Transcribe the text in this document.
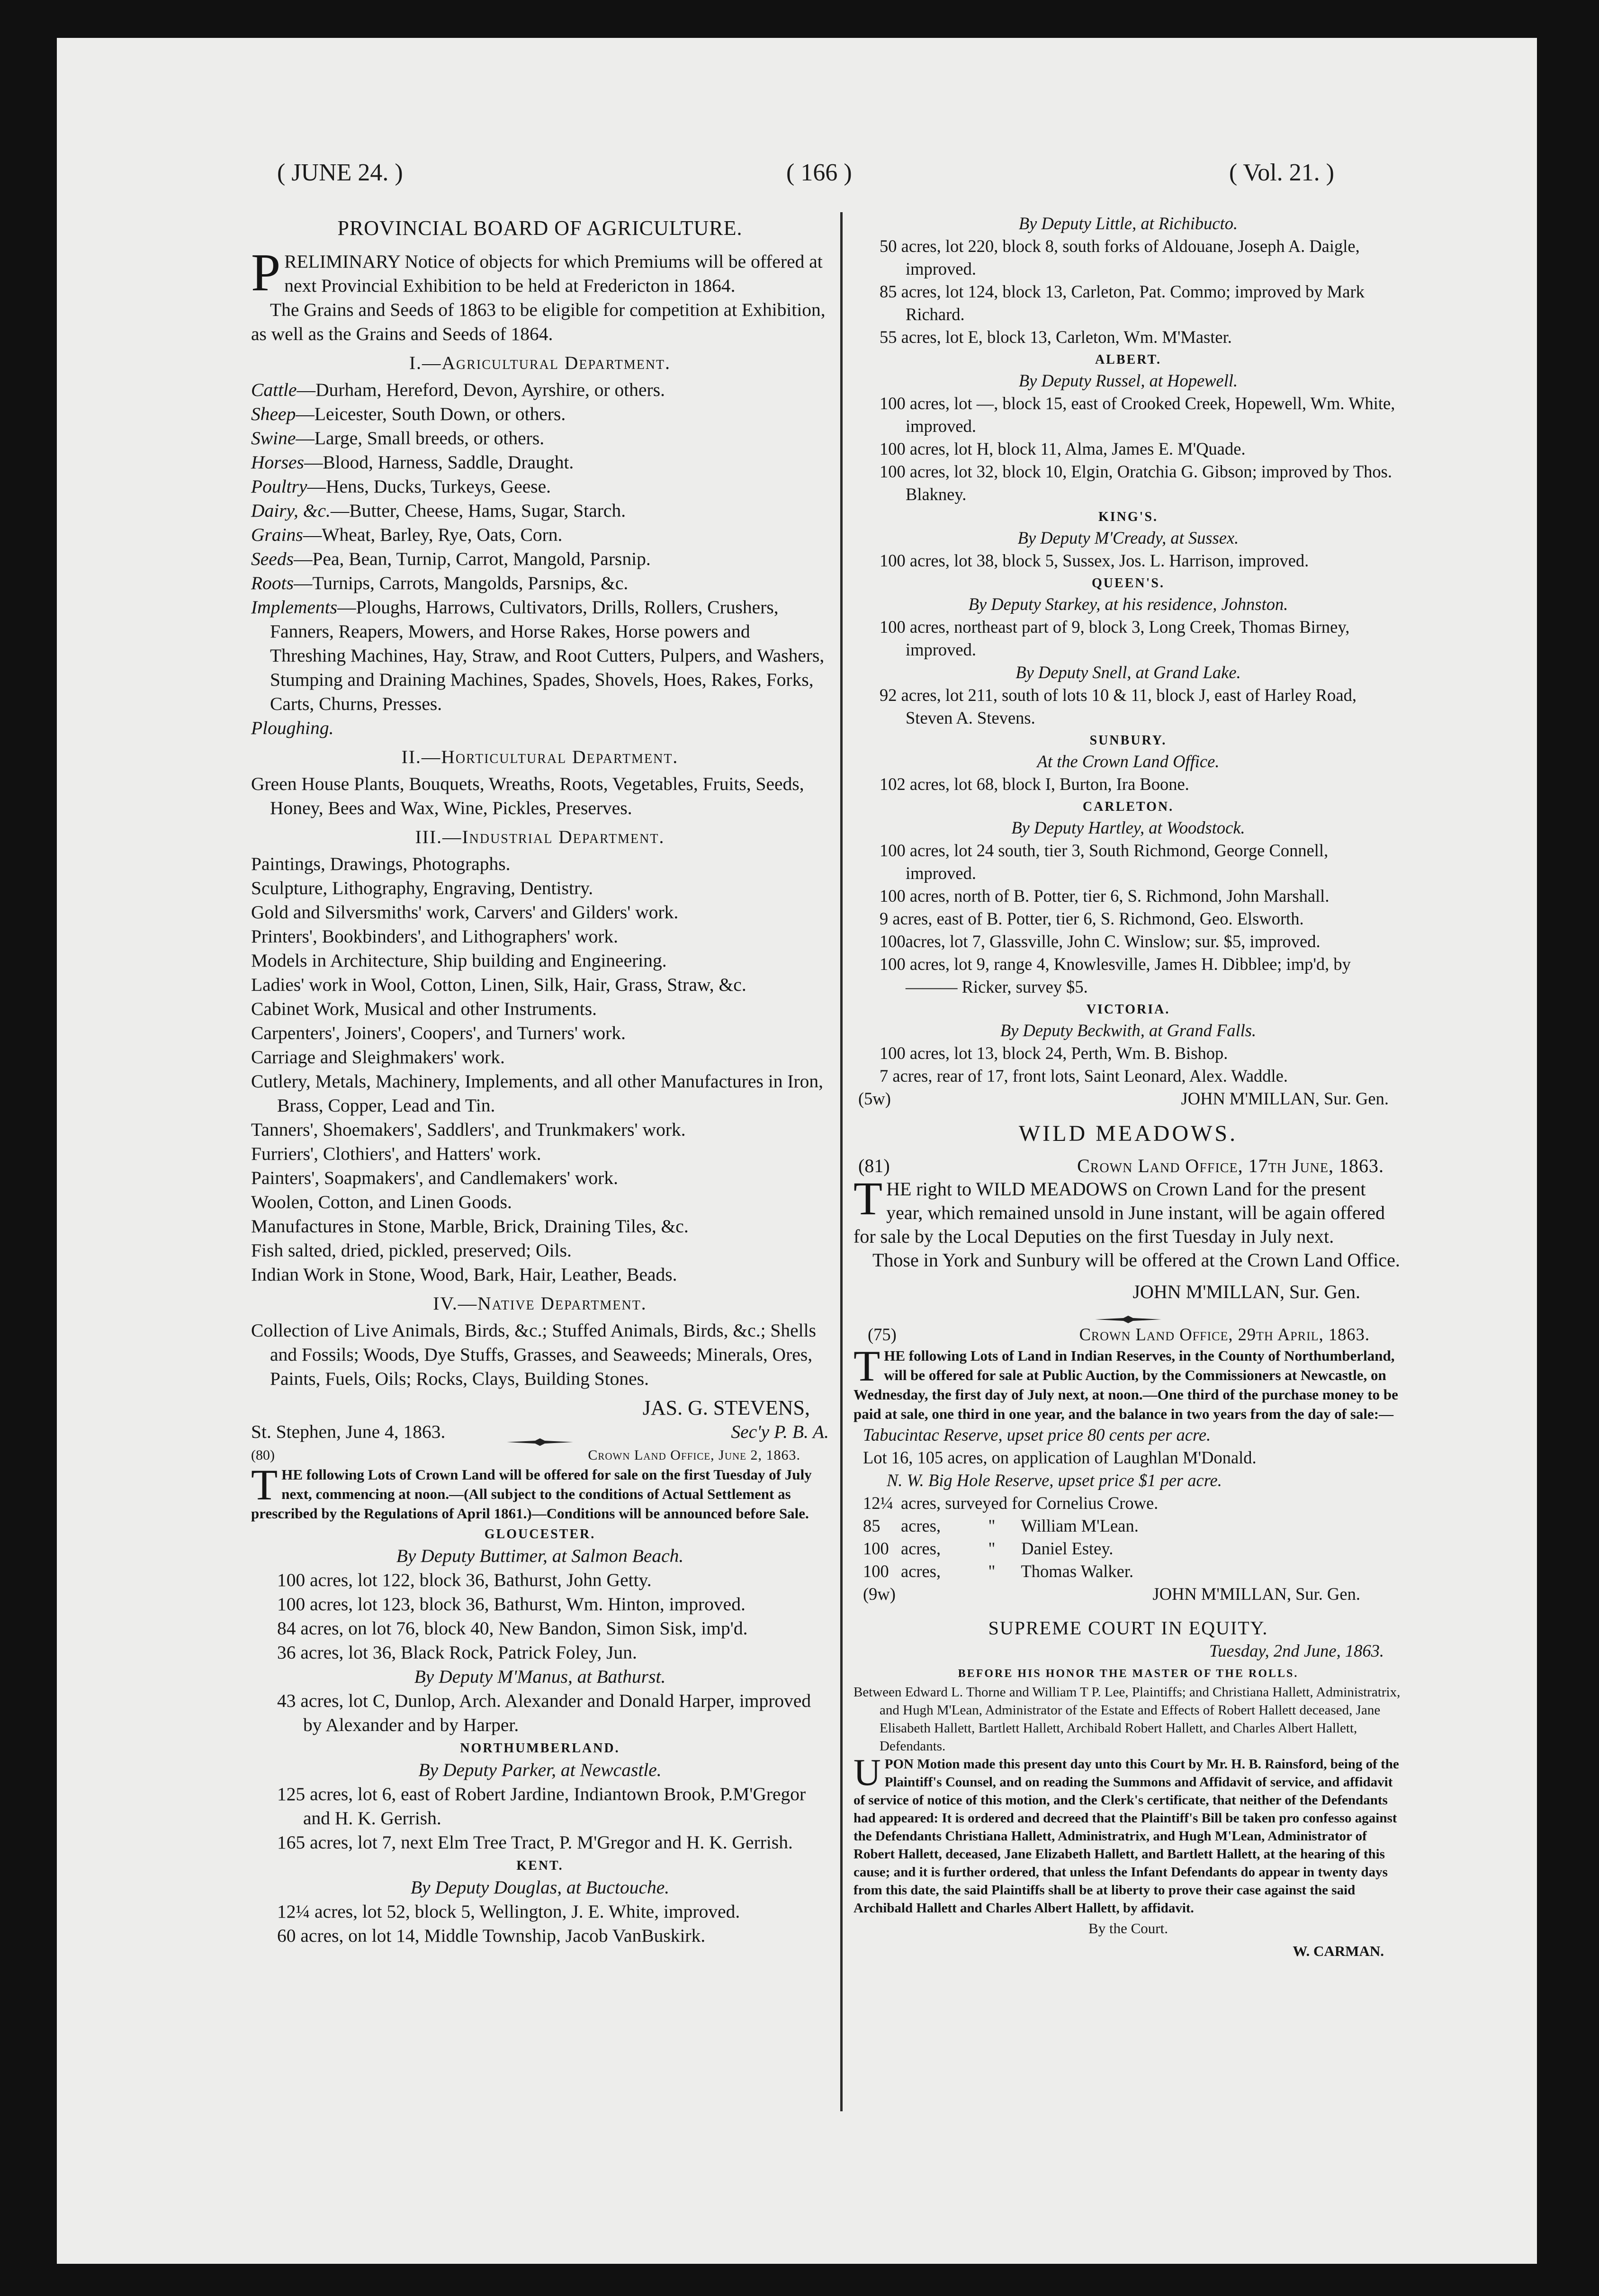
( JUNE 24. )	( 166 )	( Vol. 21. )
PROVINCIAL BOARD OF AGRICULTURE.

PRELIMINARY Notice of objects for which Premiums will be offered at next Provincial Exhibition to be held at Fredericton in 1864.

The Grains and Seeds of 1863 to be eligible for competition at Exhibition, as well as the Grains and Seeds of 1864.

I.—Agricultural Department.

Cattle—Durham, Hereford, Devon, Ayrshire, or others.

Sheep—Leicester, South Down, or others.

Swine—Large, Small breeds, or others.

Horses—Blood, Harness, Saddle, Draught.

Poultry—Hens, Ducks, Turkeys, Geese.

Dairy, &c.—Butter, Cheese, Hams, Sugar, Starch.

Grains—Wheat, Barley, Rye, Oats, Corn.

Seeds—Pea, Bean, Turnip, Carrot, Mangold, Parsnip.

Roots—Turnips, Carrots, Mangolds, Parsnips, &c.

Implements—Ploughs, Harrows, Cultivators, Drills, Rollers, Crushers, Fanners, Reapers, Mowers, and Horse Rakes, Horse powers and Threshing Machines, Hay, Straw, and Root Cutters, Pulpers, and Washers, Stumping and Draining Machines, Spades, Shovels, Hoes, Rakes, Forks, Carts, Churns, Presses.

Ploughing.

II.—Horticultural Department.

Green House Plants, Bouquets, Wreaths, Roots, Vegetables, Fruits, Seeds, Honey, Bees and Wax, Wine, Pickles, Preserves.

III.—Industrial Department.

Paintings, Drawings, Photographs.

Sculpture, Lithography, Engraving, Dentistry.

Gold and Silversmiths' work, Carvers' and Gilders' work.

Printers', Bookbinders', and Lithographers' work.

Models in Architecture, Ship building and Engineering.

Ladies' work in Wool, Cotton, Linen, Silk, Hair, Grass, Straw, &c.

Cabinet Work, Musical and other Instruments.

Carpenters', Joiners', Coopers', and Turners' work.

Carriage and Sleighmakers' work.

Cutlery, Metals, Machinery, Implements, and all other Manufactures in Iron, Brass, Copper, Lead and Tin.

Tanners', Shoemakers', Saddlers', and Trunkmakers' work.

Furriers', Clothiers', and Hatters' work.

Painters', Soapmakers', and Candlemakers' work.

Woolen, Cotton, and Linen Goods.

Manufactures in Stone, Marble, Brick, Draining Tiles, &c.

Fish salted, dried, pickled, preserved; Oils.

Indian Work in Stone, Wood, Bark, Hair, Leather, Beads.

IV.—Native Department.

Collection of Live Animals, Birds, &c.; Stuffed Animals, Birds, &c.; Shells and Fossils; Woods, Dye Stuffs, Grasses, and Seaweeds; Minerals, Ores, Paints, Fuels, Oils; Rocks, Clays, Building Stones.

JAS. G. STEVENS,
St. Stephen, June 4, 1863.	Sec'y P. B. A.
(80)	Crown Land Office, June 2, 1863.

THE following Lots of Crown Land will be offered for sale on the first Tuesday of July next, commencing at noon.—(All subject to the conditions of Actual Settlement as prescribed by the Regulations of April 1861.)—Conditions will be announced before Sale.

GLOUCESTER.
By Deputy Buttimer, at Salmon Beach.

100 acres, lot 122, block 36, Bathurst, John Getty.

100 acres, lot 123, block 36, Bathurst, Wm. Hinton, improved.

84 acres, on lot 76, block 40, New Bandon, Simon Sisk, imp'd.

36 acres, lot 36, Black Rock, Patrick Foley, Jun.

By Deputy M'Manus, at Bathurst.

43 acres, lot C, Dunlop, Arch. Alexander and Donald Harper, improved by Alexander and by Harper.

NORTHUMBERLAND.
By Deputy Parker, at Newcastle.

125 acres, lot 6, east of Robert Jardine, Indiantown Brook, P.M'Gregor and H. K. Gerrish.

165 acres, lot 7, next Elm Tree Tract, P. M'Gregor and H. K. Gerrish.

KENT.
By Deputy Douglas, at Buctouche.

12¼ acres, lot 52, block 5, Wellington, J. E. White, improved.

60 acres, on lot 14, Middle Township, Jacob VanBuskirk.

By Deputy Little, at Richibucto.

50 acres, lot 220, block 8, south forks of Aldouane, Joseph A. Daigle, improved.

85 acres, lot 124, block 13, Carleton, Pat. Commo; improved by Mark Richard.

55 acres, lot E, block 13, Carleton, Wm. M'Master.

ALBERT.
By Deputy Russel, at Hopewell.

100 acres, lot —, block 15, east of Crooked Creek, Hopewell, Wm. White, improved.

100 acres, lot H, block 11, Alma, James E. M'Quade.

100 acres, lot 32, block 10, Elgin, Oratchia G. Gibson; improved by Thos. Blakney.

KING'S.
By Deputy M'Cready, at Sussex.

100 acres, lot 38, block 5, Sussex, Jos. L. Harrison, improved.

QUEEN'S.
By Deputy Starkey, at his residence, Johnston.

100 acres, northeast part of 9, block 3, Long Creek, Thomas Birney, improved.

By Deputy Snell, at Grand Lake.

92 acres, lot 211, south of lots 10 & 11, block J, east of Harley Road, Steven A. Stevens.

SUNBURY.
At the Crown Land Office.

102 acres, lot 68, block I, Burton, Ira Boone.

CARLETON.
By Deputy Hartley, at Woodstock.

100 acres, lot 24 south, tier 3, South Richmond, George Connell, improved.

100 acres, north of B. Potter, tier 6, S. Richmond, John Marshall.

9 acres, east of B. Potter, tier 6, S. Richmond, Geo. Elsworth.

100acres, lot 7, Glassville, John C. Winslow; sur. $5, improved.

100 acres, lot 9, range 4, Knowlesville, James H. Dibblee; imp'd, by ——— Ricker, survey $5.

VICTORIA.
By Deputy Beckwith, at Grand Falls.

100 acres, lot 13, block 24, Perth, Wm. B. Bishop.

7 acres, rear of 17, front lots, Saint Leonard, Alex. Waddle.

(5w)	JOHN M'MILLAN, Sur. Gen.
WILD MEADOWS.
(81)	Crown Land Office, 17th June, 1863.

THE right to WILD MEADOWS on Crown Land for the present year, which remained unsold in June instant, will be again offered for sale by the Local Deputies on the first Tuesday in July next.

Those in York and Sunbury will be offered at the Crown Land Office.

JOHN M'MILLAN, Sur. Gen.
(75)	Crown Land Office, 29th April, 1863.

THE following Lots of Land in Indian Reserves, in the County of Northumberland, will be offered for sale at Public Auction, by the Commissioners at Newcastle, on Wednesday, the first day of July next, at noon.—One third of the purchase money to be paid at sale, one third in one year, and the balance in two years from the day of sale:—

Tabucintac Reserve, upset price 80 cents per acre.
Lot 16, 105 acres, on application of Laughlan M'Donald.
N. W. Big Hole Reserve, upset price $1 per acre.
12¼ acres, surveyed for Cornelius Crowe.
85	acres,           "      William M'Lean.
100 acres,           "      Daniel Estey.
100 acres,           "      Thomas Walker.
(9w)	JOHN M'MILLAN, Sur. Gen.
SUPREME COURT IN EQUITY.
Tuesday, 2nd June, 1863.
BEFORE HIS HONOR THE MASTER OF THE ROLLS.

Between Edward L. Thorne and William T P. Lee, Plaintiffs; and Christiana Hallett, Administratrix, and Hugh M'Lean, Administrator of the Estate and Effects of Robert Hallett deceased, Jane Elisabeth Hallett, Bartlett Hallett, Archibald Robert Hallett, and Charles Albert Hallett, Defendants.

UPON Motion made this present day unto this Court by Mr. H. B. Rainsford, being of the Plaintiff's Counsel, and on reading the Summons and Affidavit of service, and affidavit of service of notice of this motion, and the Clerk's certificate, that neither of the Defendants had appeared: It is ordered and decreed that the Plaintiff's Bill be taken pro confesso against the Defendants Christiana Hallett, Administratrix, and Hugh M'Lean, Administrator of Robert Hallett, deceased, Jane Elizabeth Hallett, and Bartlett Hallett, at the hearing of this cause; and it is further ordered, that unless the Infant Defendants do appear in twenty days from this date, the said Plaintiffs shall be at liberty to prove their case against the said Archibald Hallett and Charles Albert Hallett, by affidavit.

By the Court.
W. CARMAN.
